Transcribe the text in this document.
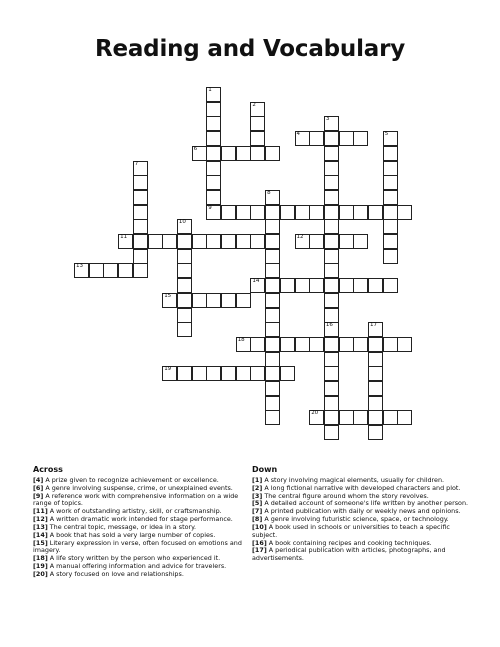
Reading and Vocabulary
1
9
2
3
16
4	5
6
7
8
10
11	12
13
14
15
17
18
19
20
Across
[4] A prize given to recognize achievement or excellence.
[6] A genre involving suspense, crime, or unexplained events.
[9] A reference work with comprehensive information on a wide range of topics.
[11] A work of outstanding artistry, skill, or craftsmanship.
[12] A written dramatic work intended for stage performance.
[13] The central topic, message, or idea in a story.
[14] A book that has sold a very large number of copies.
[15] Literary expression in verse, often focused on emotions and imagery.
[18] A life story written by the person who experienced it.
[19] A manual offering information and advice for travelers.
[20] A story focused on love and relationships.
Down
[1] A story involving magical elements, usually for children.
[2] A long fictional narrative with developed characters and plot.
[3] The central figure around whom the story revolves.
[5] A detailed account of someone's life written by another person.
[7] A printed publication with daily or weekly news and opinions.
[8] A genre involving futuristic science, space, or technology.
[10] A book used in schools or universities to teach a specific subject.
[16] A book containing recipes and cooking techniques.
[17] A periodical publication with articles, photographs, and advertisements.
